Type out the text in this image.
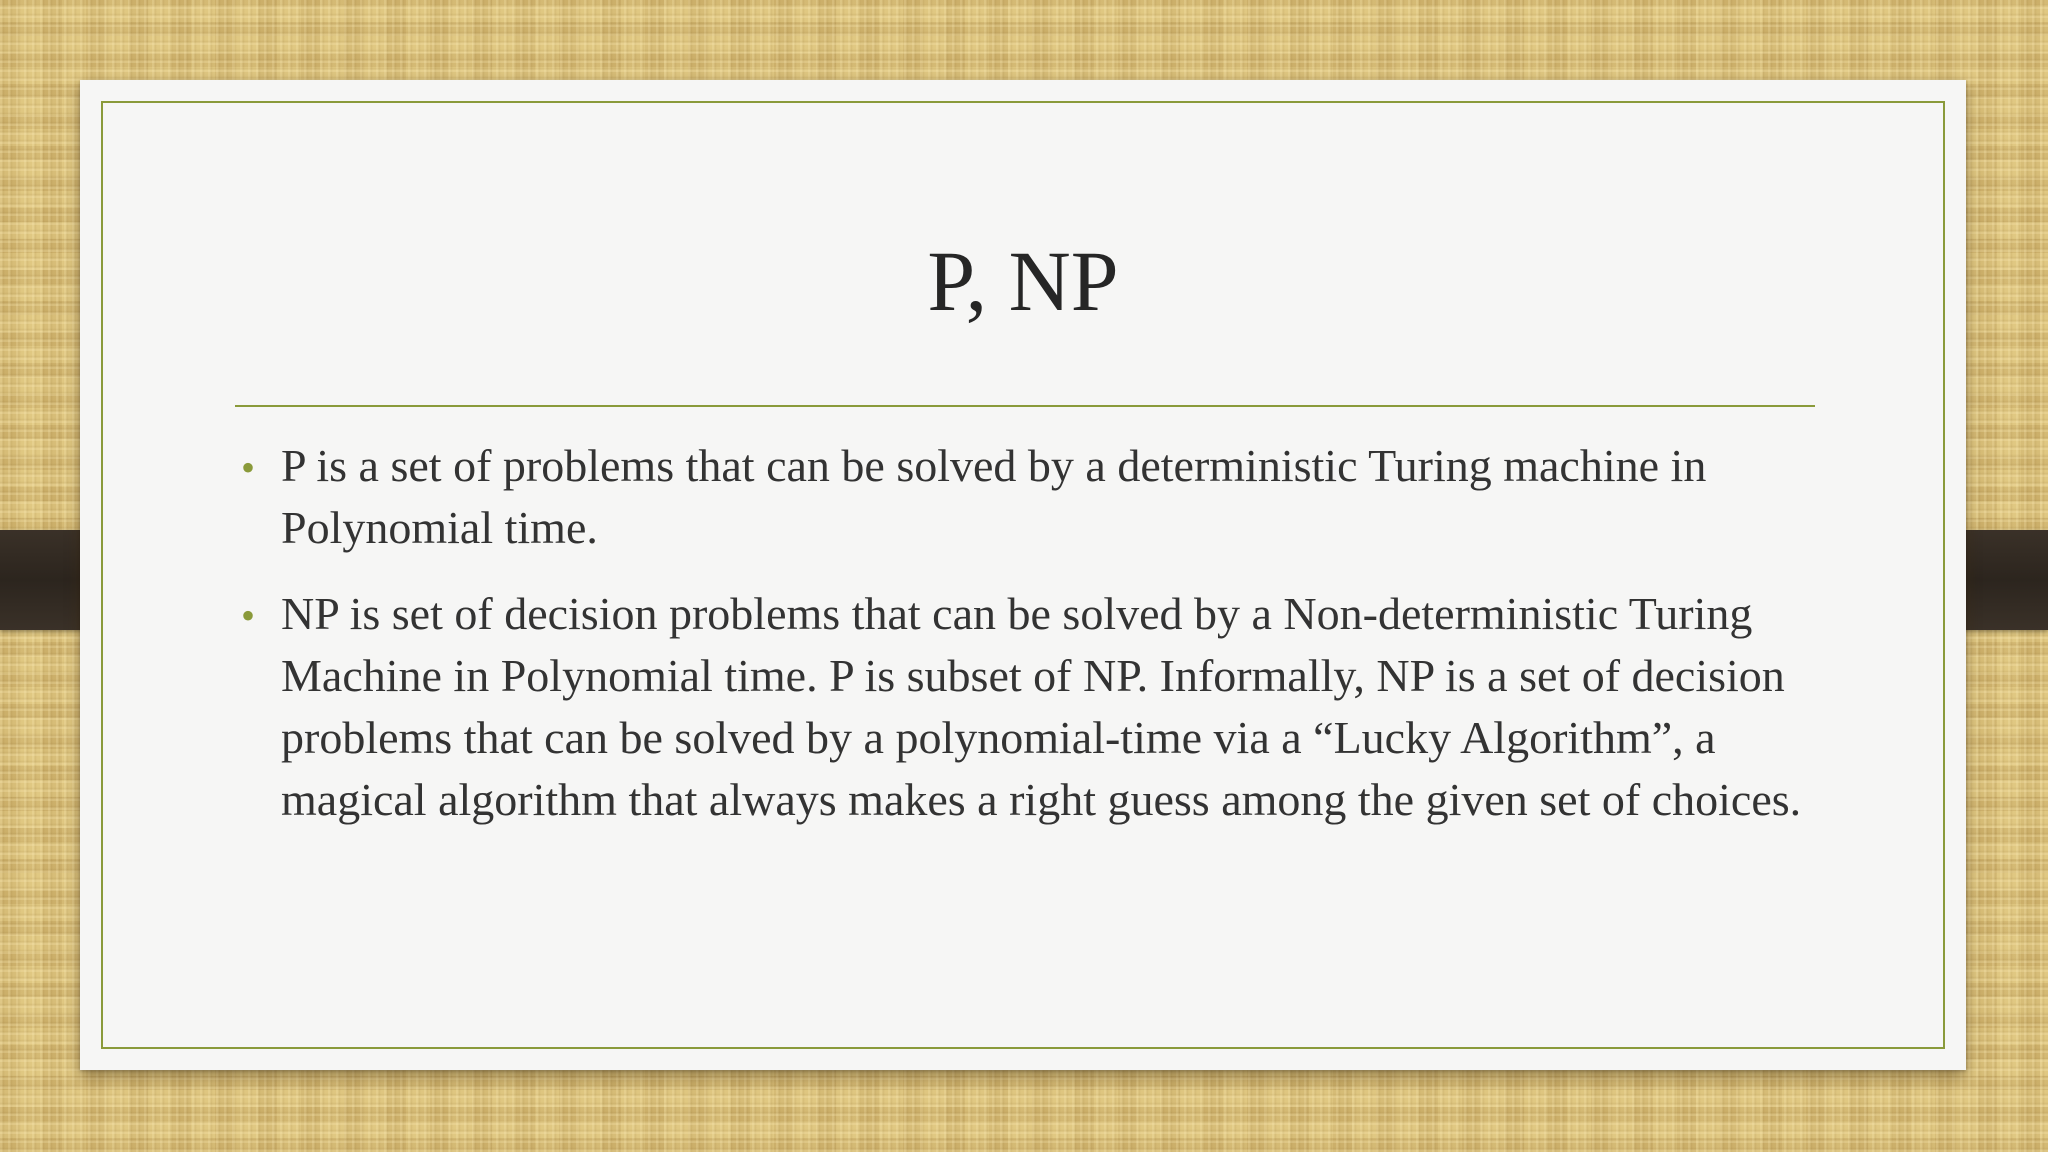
P, NP
• P is a set of problems that can be solved by a deterministic Turing machine in Polynomial time.
• NP is set of decision problems that can be solved by a Non-deterministic Turing Machine in Polynomial time. P is subset of NP. Informally, NP is a set of decision problems that can be solved by a polynomial-time via a “Lucky Algorithm”, a magical algorithm that always makes a right guess among the given set of choices.
